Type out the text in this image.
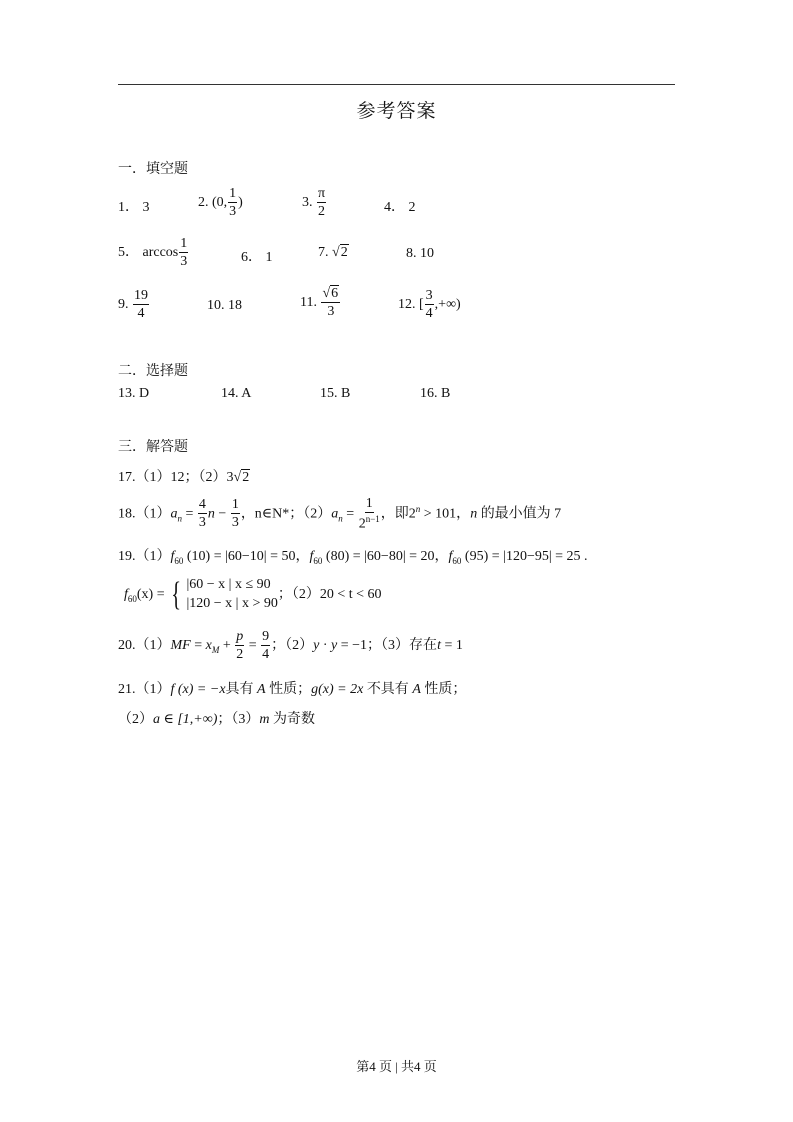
参考答案
一．填空题
1． 3	2. (0, $\frac{1}{3}$ )	3. $\frac{\pi}{2}$	4． 2
5． $\arccos \frac{1}{3}$	6． 1	7. √2	8. 10
9. $\frac{19}{4}$	10. 18	11. $\frac{√6}{3}$	12. [ $\frac{3}{4}$ ,+∞)
二．选择题
13. D	14. A	15. B	16. B
三．解答题
17.（1）12；（2）3√2
$18.(1)a_n = \frac{4}{3}$ $n - \frac{1}{3}$ ，n∈N*；$(2)a_n = \frac{1}{2^{n-1}}$ ，即$2^n > 101$，n 的最小值为 7
$19.(1)f_{60}$ (10) = |60−10| = 50，$f_{60}$ (80) = |60−80| = 20，$f_{60}$ (95) = |120−95| = 25 .
$f_{60}(x)$ = { |60 − x | x ≤ 90
|120 − x | x > 90
；（2）20 < t < 60
$20.(1)MF = x_M + \frac{p}{2} = \frac{9}{4}$ ；（2）y · y = −1；（3）存在t = 1
21.（1）f (x) = −x具有 A 性质；g(x) = 2x 不具有 A 性质；
（2）a ∈ [1,+∞)；（3）m 为奇数
第4 页 | 共4 页
